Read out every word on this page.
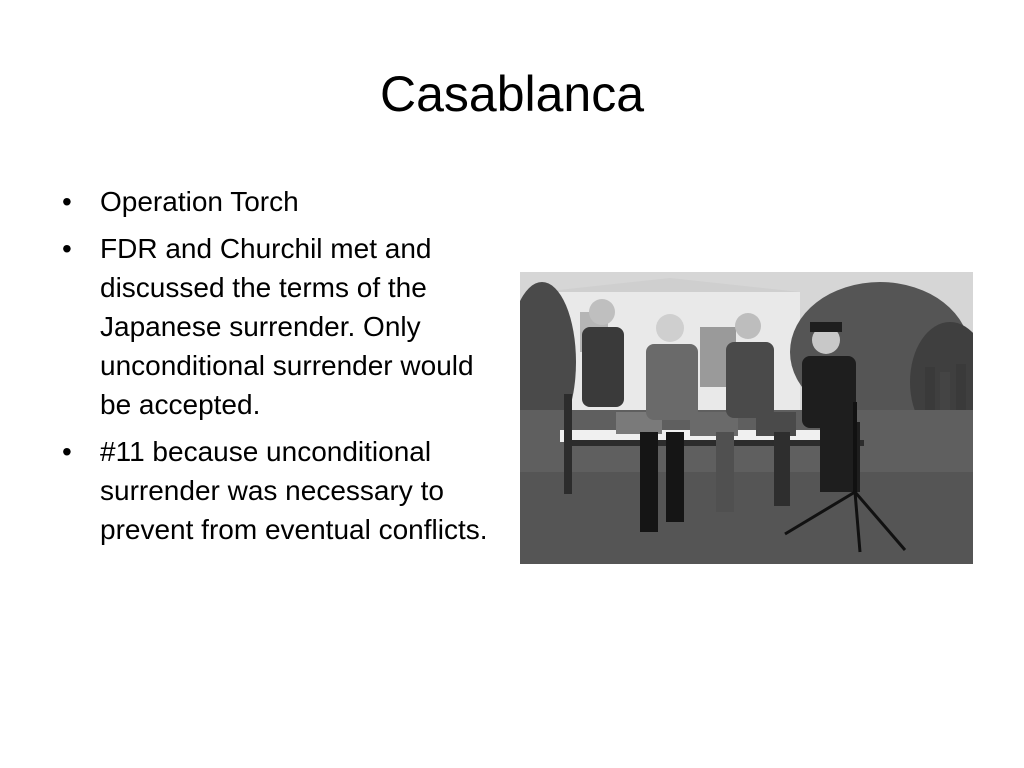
Casablanca
• Operation Torch
• FDR and Churchil met and discussed the terms of the Japanese surrender. Only unconditional surrender would be accepted.
• #11 because unconditional surrender was necessary to prevent from eventual conflicts.
